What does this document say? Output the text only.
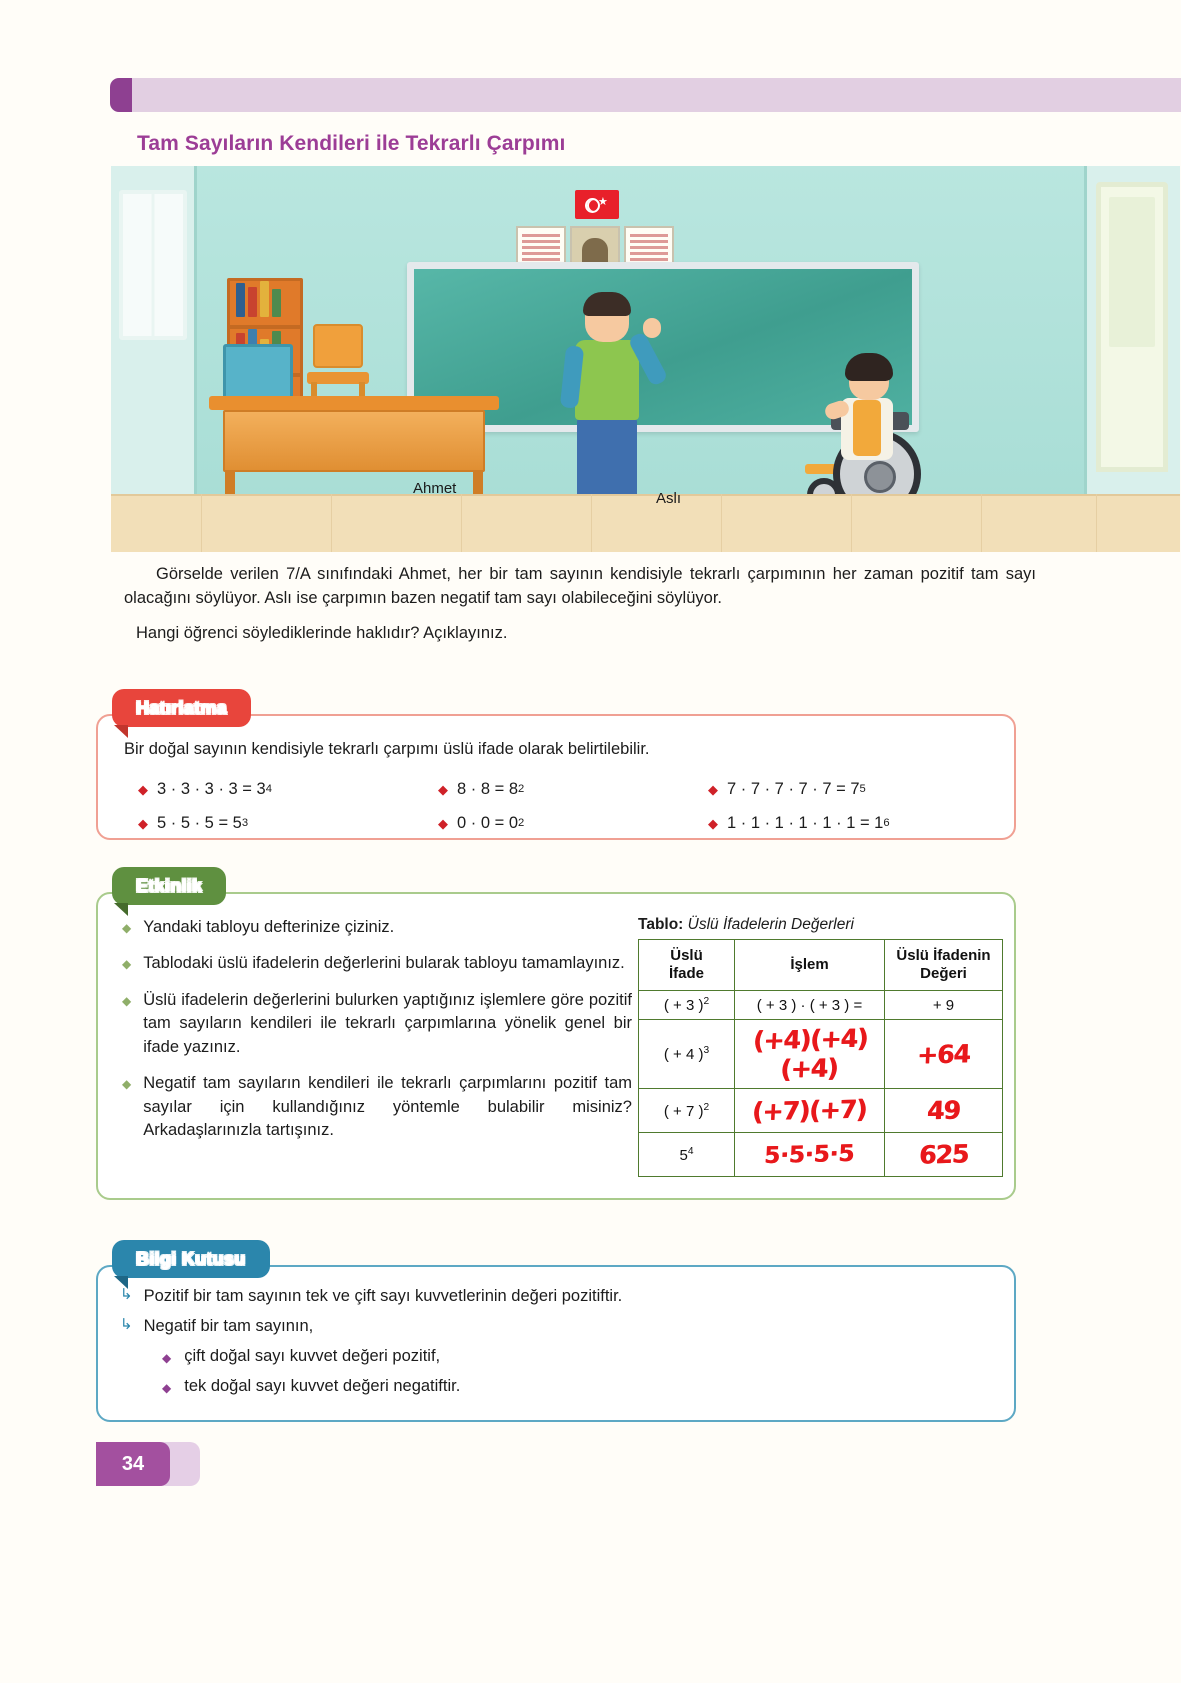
Tam Sayıların Kendileri ile Tekrarlı Çarpımı
★
Ahmet
Aslı
Görselde verilen 7/A sınıfındaki Ahmet, her bir tam sayının kendisiyle tekrarlı çarpımının her zaman pozitif tam sayı olacağını söylüyor. Aslı ise çarpımın bazen negatif tam sayı olabileceğini söylüyor.
Hangi öğrenci söylediklerinde haklıdır? Açıklayınız.
Hatırlatma
Bir doğal sayının kendisiyle tekrarlı çarpımı üslü ifade olarak belirtilebilir.
◆ 3 · 3 · 3 · 3 = 3 4	◆ 8 · 8 = 8 2	◆ 7 · 7 · 7 · 7 · 7 = 7 5
◆ 5 · 5 · 5 = 5 3	◆ 0 · 0 = 0 2	◆ 1 · 1 · 1 · 1 · 1 · 1 = 1 6
Etkinlik
◆ Yandaki tabloyu defterinize çiziniz.
◆ Tablodaki üslü ifadelerin değerlerini bularak tabloyu tamamlayınız.
◆ Üslü ifadelerin değerlerini bulurken yaptığınız işlemlere göre pozitif tam sayıların kendileri ile tekrarlı çarpımlarına yönelik genel bir ifade yazınız.
◆ Negatif tam sayıların kendileri ile tekrarlı çarpımlarını pozitif tam sayılar için kullandığınız yöntemle bulabilir misiniz? Arkadaşlarınızla tartışınız.
Tablo: Üslü İfadelerin Değerleri
Üslü
İfade	İşlem	Üslü İfadenin
Değeri
( + 3 )$^2$	( + 3 ) · ( + 3 ) =	+ 9
( + 4 )$^3$	(+4)(+4)(+4)	+64
( + 7 )$^2$	(+7)(+7)	49
$5^4$	5·5·5·5	625
Bilgi Kutusu
↳ Pozitif bir tam sayının tek ve çift sayı kuvvetlerinin değeri pozitiftir.
↳ Negatif bir tam sayının,
◆ çift doğal sayı kuvvet değeri pozitif,
◆ tek doğal sayı kuvvet değeri negatiftir.
34
